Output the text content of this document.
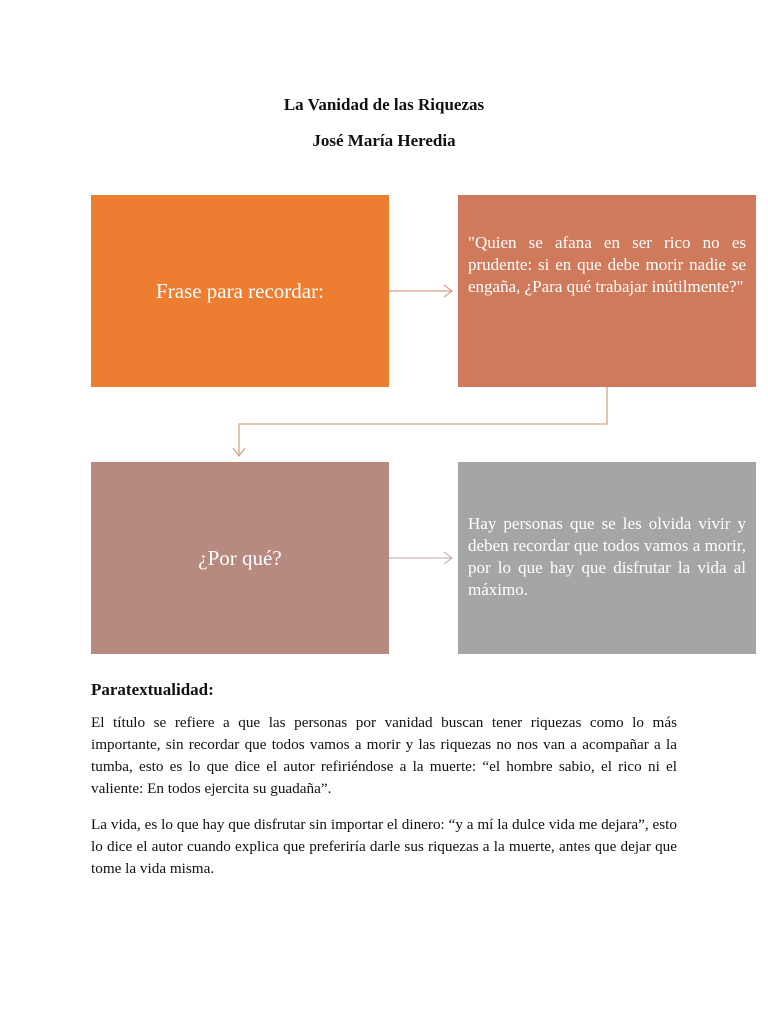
La Vanidad de las Riquezas
José María Heredia
Frase para recordar:
"Quien se afana en ser rico no es prudente: si en que debe morir nadie se engaña, ¿Para qué trabajar inútilmente?"
¿Por qué?
Hay personas que se les olvida vivir y deben recordar que todos vamos a morir, por lo que hay que disfrutar la vida al máximo.
Paratextualidad:

El título se refiere a que las personas por vanidad buscan tener riquezas como lo más importante, sin recordar que todos vamos a morir y las riquezas no nos van a acompañar a la tumba, esto es lo que dice el autor refiriéndose a la muerte: “el hombre sabio, el rico ni el valiente: En todos ejercita su guadaña”.

La vida, es lo que hay que disfrutar sin importar el dinero: “y a mí la dulce vida me dejara”, esto lo dice el autor cuando explica que preferiría darle sus riquezas a la muerte, antes que dejar que tome la vida misma.
